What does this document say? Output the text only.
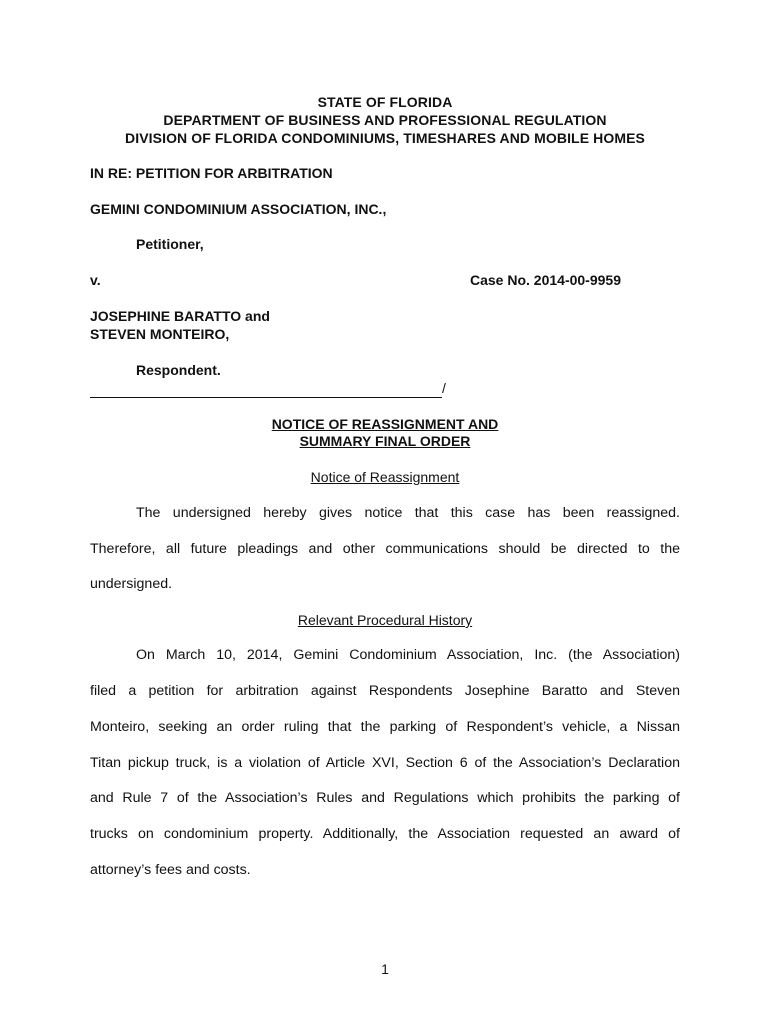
STATE OF FLORIDA
DEPARTMENT OF BUSINESS AND PROFESSIONAL REGULATION
DIVISION OF FLORIDA CONDOMINIUMS, TIMESHARES AND MOBILE HOMES
IN RE: PETITION FOR ARBITRATION
GEMINI CONDOMINIUM ASSOCIATION, INC.,
Petitioner,
v.	Case No. 2014-00-9959
JOSEPHINE BARATTO and
STEVEN MONTEIRO,
Respondent.
/
NOTICE OF REASSIGNMENT AND
SUMMARY FINAL ORDER
Notice of Reassignment
The undersigned hereby gives notice that this case has been reassigned.
Therefore, all future pleadings and other communications should be directed to the
undersigned.
Relevant Procedural History
On March 10, 2014, Gemini Condominium Association, Inc. (the Association)
filed a petition for arbitration against Respondents Josephine Baratto and Steven
Monteiro, seeking an order ruling that the parking of Respondent’s vehicle, a Nissan
Titan pickup truck, is a violation of Article XVI, Section 6 of the Association’s Declaration
and Rule 7 of the Association’s Rules and Regulations which prohibits the parking of
trucks on condominium property. Additionally, the Association requested an award of
attorney’s fees and costs.
1
